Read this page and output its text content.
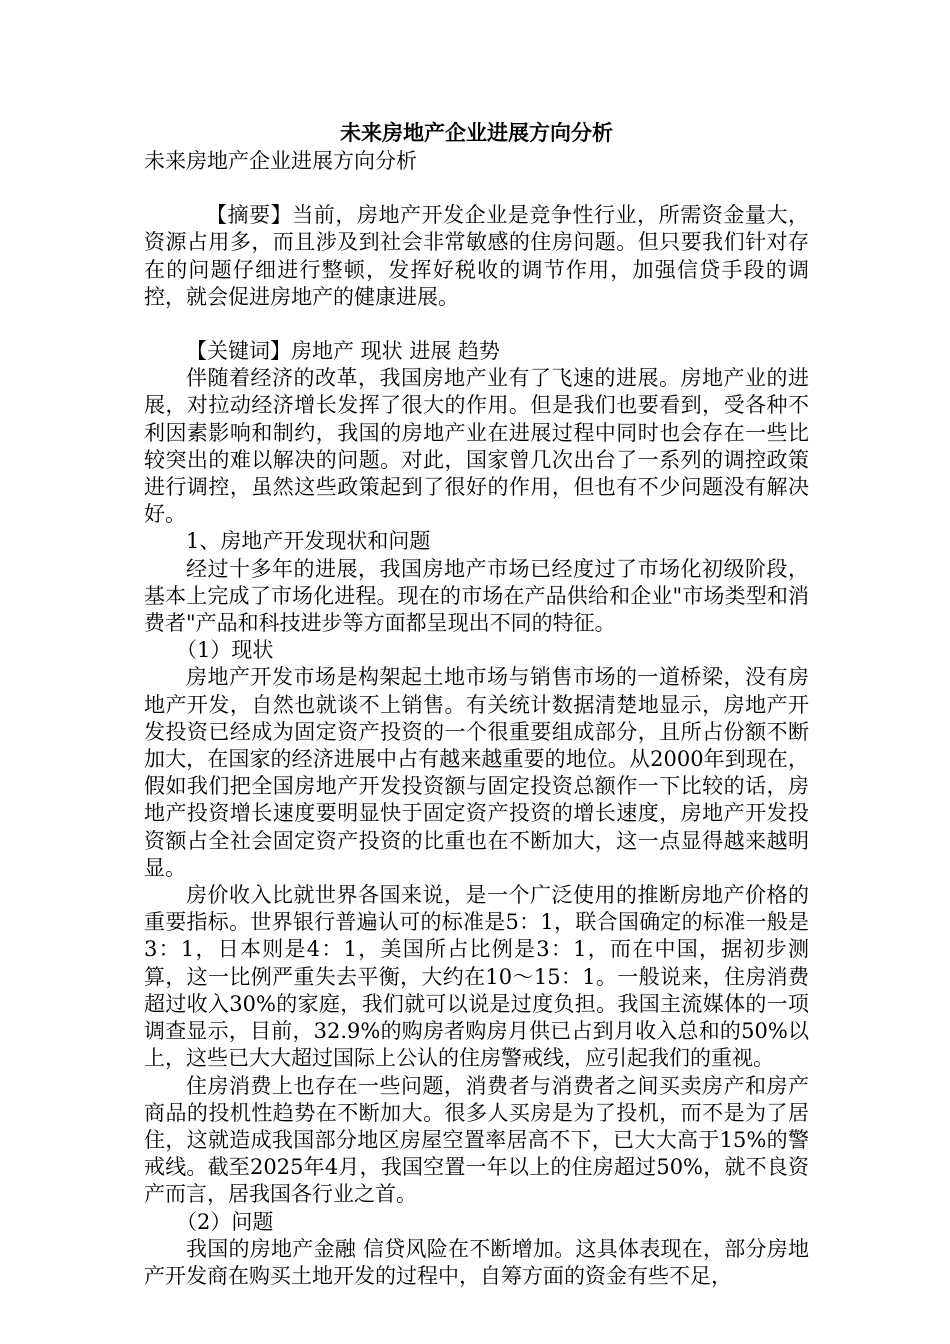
未来房地产企业进展方向分析

未来房地产企业进展方向分析

【摘要】当前，房地产开发企业是竞争性行业，所需资金量大，资源占用多，而且涉及到社会非常敏感的住房问题。但只要我们针对存在的问题仔细进行整顿，发挥好税收的调节作用，加强信贷手段的调控，就会促进房地产的健康进展。

【关键词】房地产 现状 进展 趋势

伴随着经济的改革，我国房地产业有了飞速的进展。房地产业的进展，对拉动经济增长发挥了很大的作用。但是我们也要看到，受各种不利因素影响和制约，我国的房地产业在进展过程中同时也会存在一些比较突出的难以解决的问题。对此，国家曾几次出台了一系列的调控政策进行调控，虽然这些政策起到了很好的作用，但也有不少问题没有解决好。

1、房地产开发现状和问题

经过十多年的进展，我国房地产市场已经度过了市场化初级阶段，基本上完成了市场化进程。现在的市场在产品供给和企业"市场类型和消费者"产品和科技进步等方面都呈现出不同的特征。

（1）现状

房地产开发市场是构架起土地市场与销售市场的一道桥梁，没有房地产开发，自然也就谈不上销售。有关统计数据清楚地显示，房地产开发投资已经成为固定资产投资的一个很重要组成部分，且所占份额不断加大，在国家的经济进展中占有越来越重要的地位。从2000年到现在，假如我们把全国房地产开发投资额与固定投资总额作一下比较的话，房地产投资增长速度要明显快于固定资产投资的增长速度，房地产开发投资额占全社会固定资产投资的比重也在不断加大，这一点显得越来越明显。

房价收入比就世界各国来说，是一个广泛使用的推断房地产价格的重要指标。世界银行普遍认可的标准是5：1，联合国确定的标准一般是3：1，日本则是4：1，美国所占比例是3：1，而在中国，据初步测算，这一比例严重失去平衡，大约在10～15：1。一般说来，住房消费超过收入30%的家庭，我们就可以说是过度负担。我国主流媒体的一项调查显示，目前，32.9%的购房者购房月供已占到月收入总和的50%以上，这些已大大超过国际上公认的住房警戒线，应引起我们的重视。

住房消费上也存在一些问题，消费者与消费者之间买卖房产和房产商品的投机性趋势在不断加大。很多人买房是为了投机，而不是为了居住，这就造成我国部分地区房屋空置率居高不下，已大大高于15%的警戒线。截至2025年4月，我国空置一年以上的住房超过50%，就不良资产而言，居我国各行业之首。

（2）问题

我国的房地产金融 信贷风险在不断增加。这具体表现在，部分房地产开发商在购买土地开发的过程中，自筹方面的资金有些不足，
